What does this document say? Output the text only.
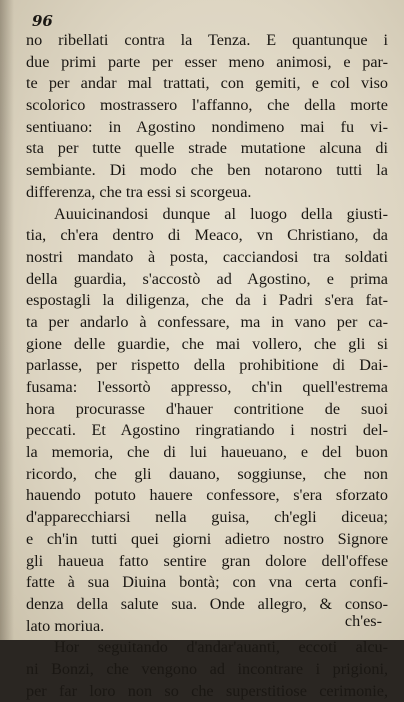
96
no ribellati contra la Tenza. E quantunque i
due primi parte per esser meno animosi, e par-
te per andar mal trattati, con gemiti, e col viso
scolorico mostrassero l'affanno, che della morte
sentiuano: in Agostino nondimeno mai fu vi-
sta per tutte quelle strade mutatione alcuna di
sembiante. Di modo che ben notarono tutti la
differenza, che tra essi si scorgeua.
Auuicinandosi dunque al luogo della giusti-
tia, ch'era dentro di Meaco, vn Christiano, da
nostri mandato à posta, cacciandosi tra soldati
della guardia, s'accostò ad Agostino, e prima
espostagli la diligenza, che da i Padri s'era fat-
ta per andarlo à confessare, ma in vano per ca-
gione delle guardie, che mai vollero, che gli si
parlasse, per rispetto della prohibitione di Dai-
fusama: l'essortò appresso, ch'in quell'estrema
hora procurasse d'hauer contritione de suoi
peccati. Et Agostino ringratiando i nostri del-
la memoria, che di lui haueuano, e del buon
ricordo, che gli dauano, soggiunse, che non
hauendo potuto hauere confessore, s'era sforzato
d'apparecchiarsi nella guisa, ch'egli diceua;
e ch'in tutti quei giorni adietro nostro Signore
gli haueua fatto sentire gran dolore dell'offese
fatte à sua Diuina bontà; con vna certa confi-
denza della salute sua. Onde allegro, & conso-
lato moriua.
Hor seguitando d'andar'auanti, eccoti alcu-
ni Bonzi, che vengono ad incontrare i prigioni,
per far loro non so che superstitiose cerimonie,
ch'es-
